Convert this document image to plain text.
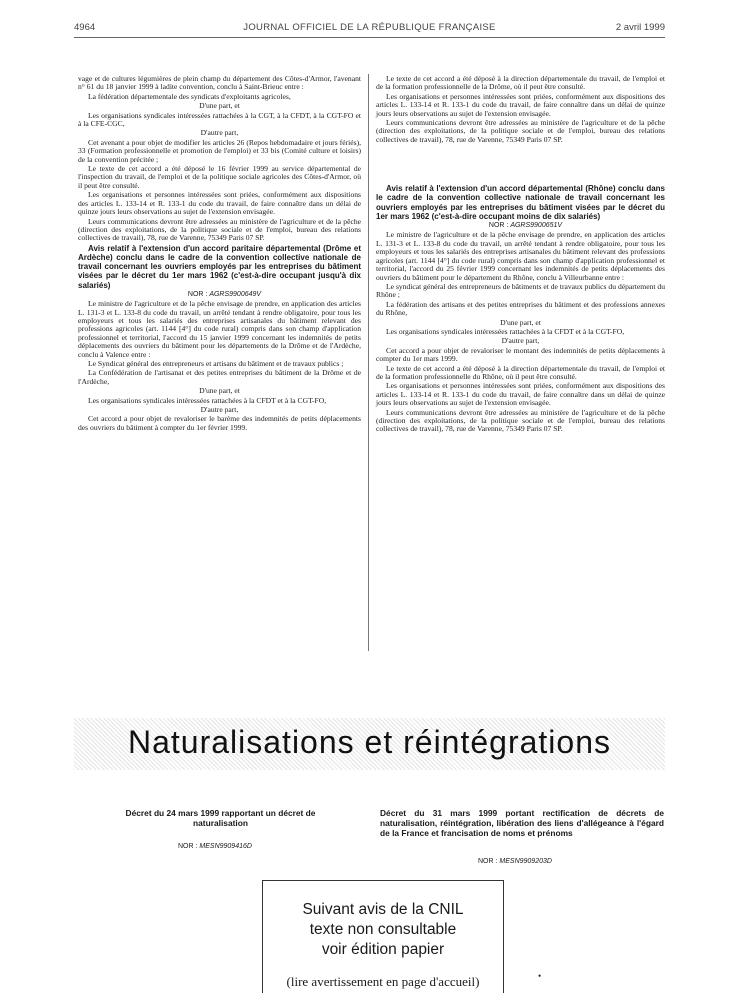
4964	JOURNAL OFFICIEL DE LA RÉPUBLIQUE FRANÇAISE	2 avril 1999

vage et de cultures légumières de plein champ du département des Côtes-d'Armor, l'avenant n° 61 du 18 janvier 1999 à ladite convention, conclu à Saint-Brieuc entre :

La fédération départementale des syndicats d'exploitants agricoles,

D'une part, et

Les organisations syndicales intéressées rattachées à la CGT, à la CFDT, à la CGT-FO et à la CFE-CGC,

D'autre part,

Cet avenant a pour objet de modifier les articles 26 (Repos hebdomadaire et jours fériés), 33 (Formation professionnelle et promotion de l'emploi) et 33 bis (Comité culture et loisirs) de la convention précitée ;

Le texte de cet accord a été déposé le 16 février 1999 au service départemental de l'inspection du travail, de l'emploi et de la politique sociale agricoles des Côtes-d'Armor, où il peut être consulté.

Les organisations et personnes intéressées sont priées, conformément aux dispositions des articles L. 133-14 et R. 133-1 du code du travail, de faire connaître dans un délai de quinze jours leurs observations au sujet de l'extension envisagée.

Leurs communications devront être adressées au ministère de l'agriculture et de la pêche (direction des exploitations, de la politique sociale et de l'emploi, bureau des relations collectives de travail), 78, rue de Varenne, 75349 Paris 07 SP.

Avis relatif à l'extension d'un accord paritaire départemental (Drôme et Ardèche) conclu dans le cadre de la convention collective nationale de travail concernant les ouvriers employés par les entreprises du bâtiment visées par le décret du 1er mars 1962 (c'est-à-dire occupant jusqu'à dix salariés)

NOR : AGRS9900649V

Le ministre de l'agriculture et de la pêche envisage de prendre, en application des articles L. 131-3 et L. 133-8 du code du travail, un arrêté tendant à rendre obligatoire, pour tous les employeurs et tous les salariés des entreprises artisanales du bâtiment relevant des professions agricoles (art. 1144 [4°] du code rural) compris dans son champ d'application professionnel et territorial, l'accord du 15 janvier 1999 concernant les indemnités de petits déplacements des ouvriers du bâtiment pour les départements de la Drôme et de l'Ardèche, conclu à Valence entre :

Le Syndicat général des entrepreneurs et artisans du bâtiment et de travaux publics ;

La Confédération de l'artisanat et des petites entreprises du bâtiment de la Drôme et de l'Ardèche,

D'une part, et

Les organisations syndicales intéressées rattachées à la CFDT et à la CGT-FO,

D'autre part,

Cet accord a pour objet de revaloriser le barème des indemnités de petits déplacements des ouvriers du bâtiment à compter du 1er février 1999.

Le texte de cet accord a été déposé à la direction départementale du travail, de l'emploi et de la formation professionnelle de la Drôme, où il peut être consulté.

Les organisations et personnes intéressées sont priées, conformément aux dispositions des articles L. 133-14 et R. 133-1 du code du travail, de faire connaître dans un délai de quinze jours leurs observations au sujet de l'extension envisagée.

Leurs communications devront être adressées au ministère de l'agriculture et de la pêche (direction des exploitations, de la politique sociale et de l'emploi, bureau des relations collectives de travail), 78, rue de Varenne, 75349 Paris 07 SP.

Avis relatif à l'extension d'un accord départemental (Rhône) conclu dans le cadre de la convention collective nationale de travail concernant les ouvriers employés par les entreprises du bâtiment visées par le décret du 1er mars 1962 (c'est-à-dire occupant moins de dix salariés)

NOR : AGRS9900651V

Le ministre de l'agriculture et de la pêche envisage de prendre, en application des articles L. 131-3 et L. 133-8 du code du travail, un arrêté tendant à rendre obligatoire, pour tous les employeurs et tous les salariés des entreprises artisanales du bâtiment relevant des professions agricoles (art. 1144 [4°] du code rural) compris dans son champ d'application professionnel et territorial, l'accord du 25 février 1999 concernant les indemnités de petits déplacements des ouvriers du bâtiment pour le département du Rhône, conclu à Villeurbanne entre :

Le syndicat général des entrepreneurs de bâtiments et de travaux publics du département du Rhône ;

La fédération des artisans et des petites entreprises du bâtiment et des professions annexes du Rhône,

D'une part, et

Les organisations syndicales intéressées rattachées à la CFDT et à la CGT-FO,

D'autre part,

Cet accord a pour objet de revaloriser le montant des indemnités de petits déplacements à compter du 1er mars 1999.

Le texte de cet accord a été déposé à la direction départementale du travail, de l'emploi et de la formation professionnelle du Rhône, où il peut être consulté.

Les organisations et personnes intéressées sont priées, conformément aux dispositions des articles L. 133-14 et R. 133-1 du code du travail, de faire connaître dans un délai de quinze jours leurs observations au sujet de l'extension envisagée.

Leurs communications devront être adressées au ministère de l'agriculture et de la pêche (direction des exploitations, de la politique sociale et de l'emploi, bureau des relations collectives de travail), 78, rue de Varenne, 75349 Paris 07 SP.

Naturalisations et réintégrations
Décret du 24 mars 1999 rapportant un décret de naturalisation
NOR : MESN9909416D
Décret du 31 mars 1999 portant rectification de décrets de naturalisation, réintégration, libération des liens d'allégeance à l'égard de la France et francisation de noms et prénoms
NOR : MESN9909203D
Suivant avis de la CNIL
texte non consultable
voir édition papier
(lire avertissement en page d'accueil)	•
